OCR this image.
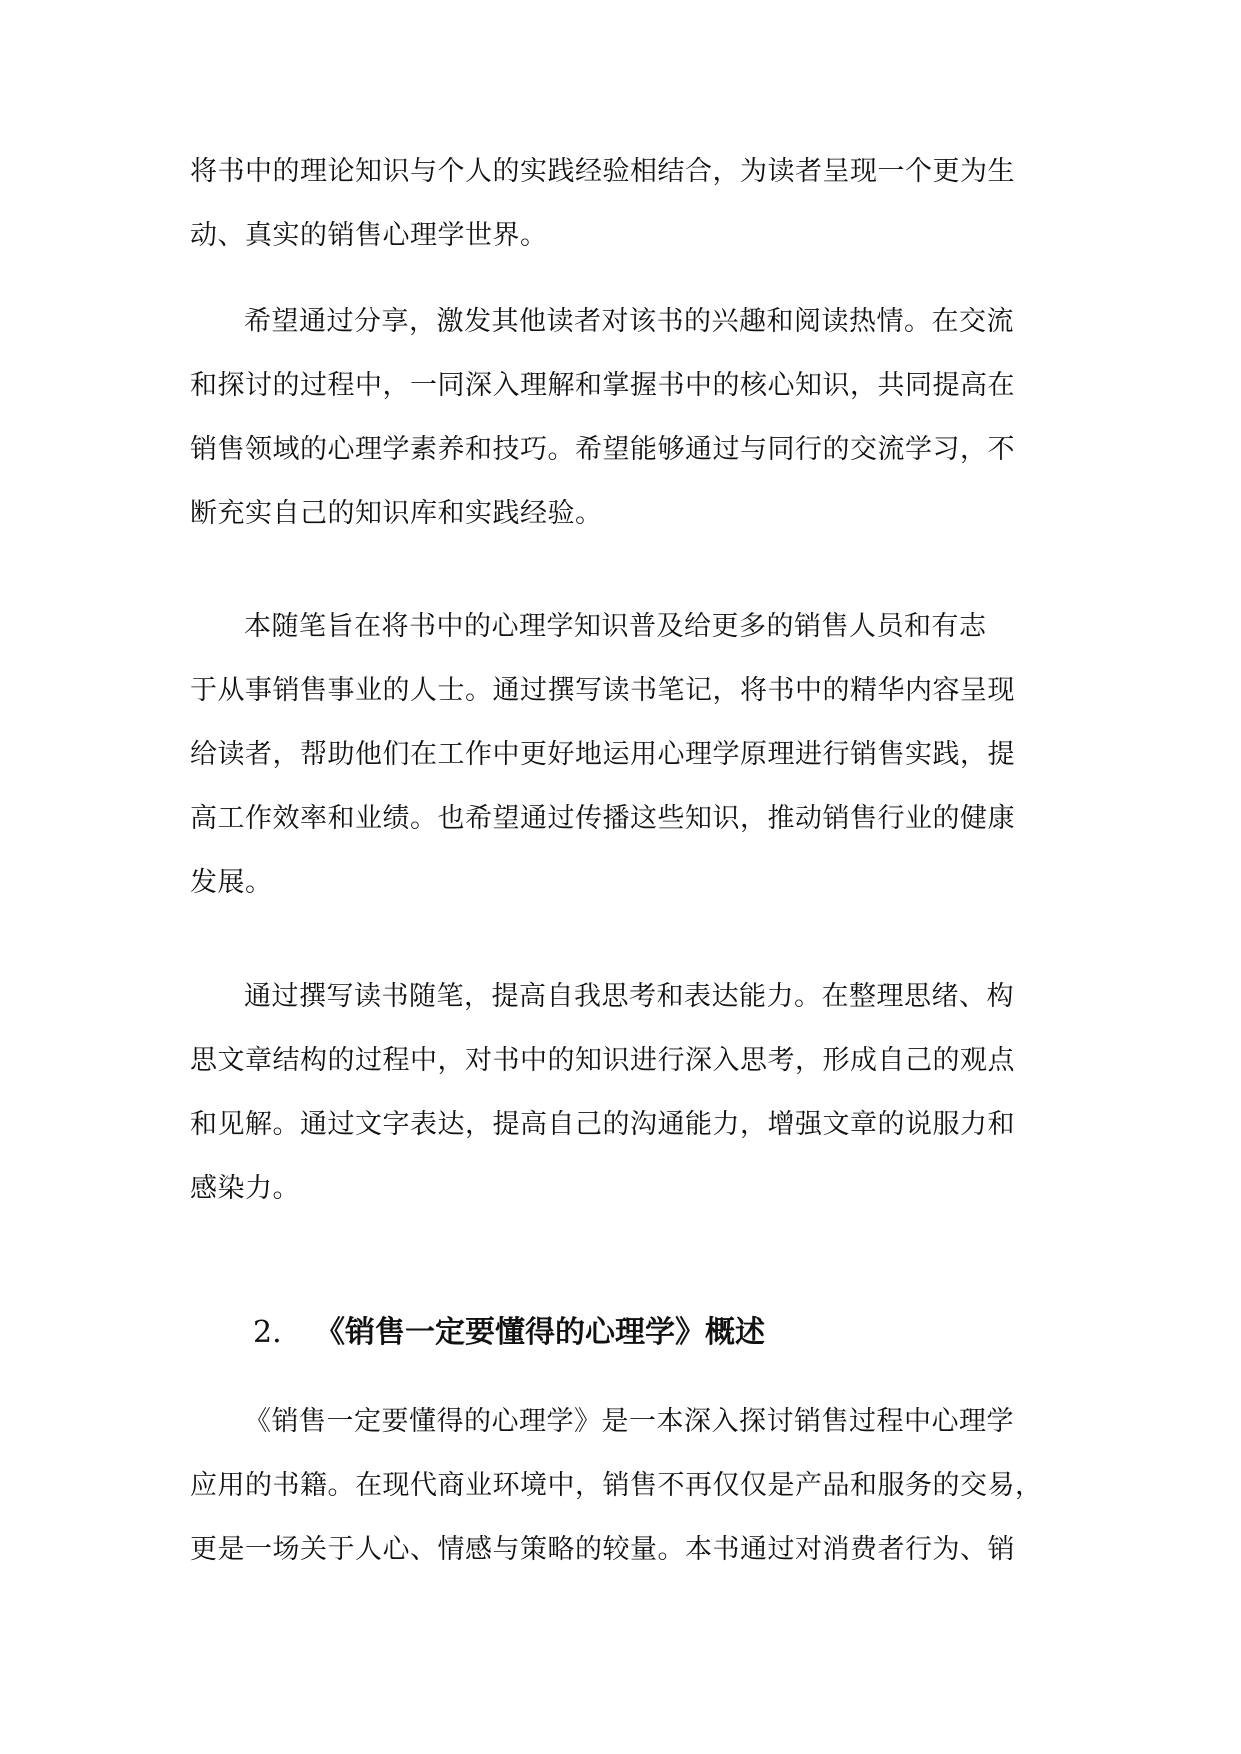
将书中的理论知识与个人的实践经验相结合，为读者呈现一个更为生
动、真实的销售心理学世界。
希望通过分享，激发其他读者对该书的兴趣和阅读热情。在交流
和探讨的过程中，一同深入理解和掌握书中的核心知识，共同提高在
销售领域的心理学素养和技巧。希望能够通过与同行的交流学习，不
断充实自己的知识库和实践经验。
本随笔旨在将书中的心理学知识普及给更多的销售人员和有志
于从事销售事业的人士。通过撰写读书笔记，将书中的精华内容呈现
给读者，帮助他们在工作中更好地运用心理学原理进行销售实践，提
高工作效率和业绩。也希望通过传播这些知识，推动销售行业的健康
发展。
通过撰写读书随笔，提高自我思考和表达能力。在整理思绪、构
思文章结构的过程中，对书中的知识进行深入思考，形成自己的观点
和见解。通过文字表达，提高自己的沟通能力，增强文章的说服力和
感染力。
2. 《销售一定要懂得的心理学》概述
《销售一定要懂得的心理学》是一本深入探讨销售过程中心理学
应用的书籍。在现代商业环境中，销售不再仅仅是产品和服务的交易，
更是一场关于人心、情感与策略的较量。本书通过对消费者行为、销
